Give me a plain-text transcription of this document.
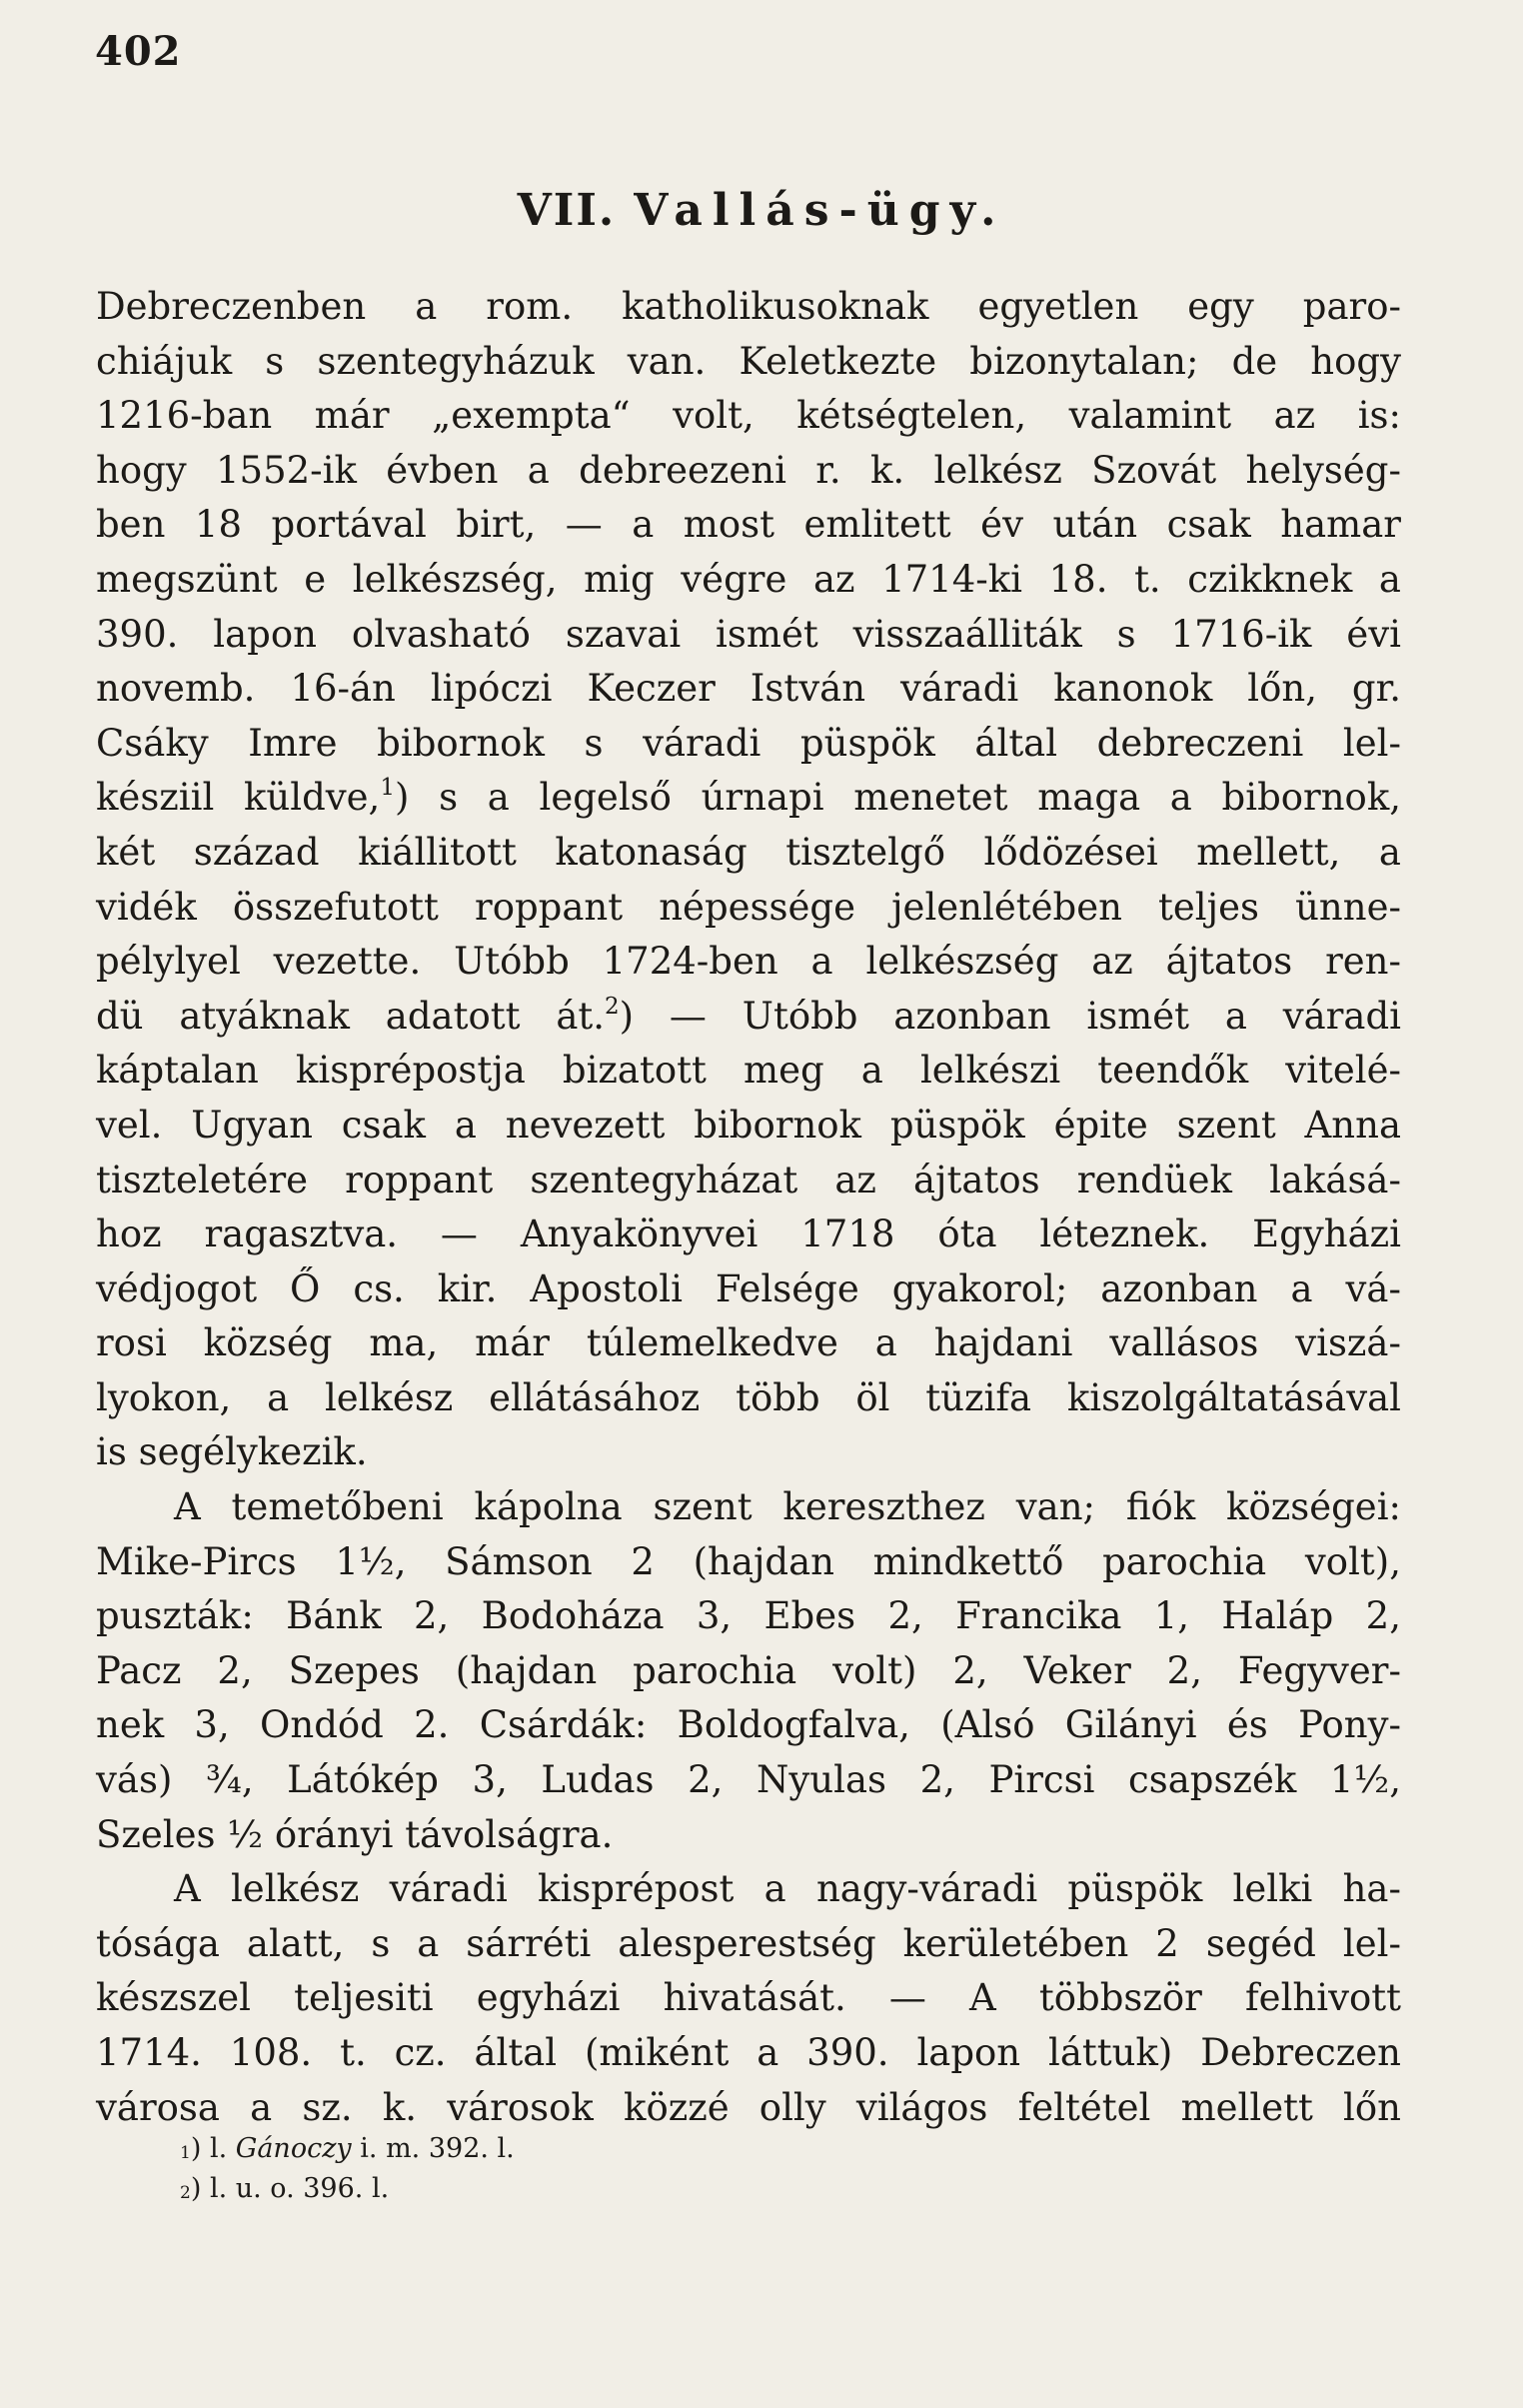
402
VII. Vallás-ügy.
Debreczenben a rom. katholikusoknak egyetlen egy paro-
chiájuk s szentegyházuk van. Keletkezte bizonytalan; de hogy
1216-ban már „exempta“ volt, kétségtelen, valamint az is:
hogy 1552-ik évben a debreezeni r. k. lelkész Szovát helység-
ben 18 portával birt, — a most emlitett év után csak hamar
megszünt e lelkészség, mig végre az 1714-ki 18. t. czikknek a
390. lapon olvasható szavai ismét visszaálliták s 1716-ik évi
novemb. 16-án lipóczi Keczer István váradi kanonok lőn, gr.
Csáky Imre bibornok s váradi püspök által debreczeni lel-
késziil küldve,$^1$) s a legelső úrnapi menetet maga a bibornok,
két század kiállitott katonaság tisztelgő lődözései mellett, a
vidék összefutott roppant népessége jelenlétében teljes ünne-
pélylyel vezette. Utóbb 1724-ben a lelkészség az ájtatos ren-
dü atyáknak adatott át.$^2$) — Utóbb azonban ismét a váradi
káptalan kisprépostja bizatott meg a lelkészi teendők vitelé-
vel. Ugyan csak a nevezett bibornok püspök épite szent Anna
tiszteletére roppant szentegyházat az ájtatos rendüek lakásá-
hoz ragasztva. — Anyakönyvei 1718 óta léteznek. Egyházi
védjogot Ő cs. kir. Apostoli Felsége gyakorol; azonban a vá-
rosi község ma, már túlemelkedve a hajdani vallásos viszá-
lyokon, a lelkész ellátásához több öl tüzifa kiszolgáltatásával
is segélykezik.
A temetőbeni kápolna szent kereszthez van; fiók községei:
Mike-Pircs 1½, Sámson 2 (hajdan mindkettő parochia volt),
puszták: Bánk 2, Bodoháza 3, Ebes 2, Francika 1, Haláp 2,
Pacz 2, Szepes (hajdan parochia volt) 2, Veker 2, Fegyver-
nek 3, Ondód 2. Csárdák: Boldogfalva, (Alsó Gilányi és Pony-
vás) ¾, Látókép 3, Ludas 2, Nyulas 2, Pircsi csapszék 1½,
Szeles ½ órányi távolságra.
A lelkész váradi kisprépost a nagy-váradi püspök lelki ha-
tósága alatt, s a sárréti alesperestség kerületében 2 segéd lel-
készszel teljesiti egyházi hivatását. — A többször felhivott
1714. 108. t. cz. által (miként a 390. lapon láttuk) Debreczen
városa a sz. k. városok közzé olly világos feltétel mellett lőn
$^1$) l. Gánoczy i. m. 392. l.
$^2$) l. u. o. 396. l.
